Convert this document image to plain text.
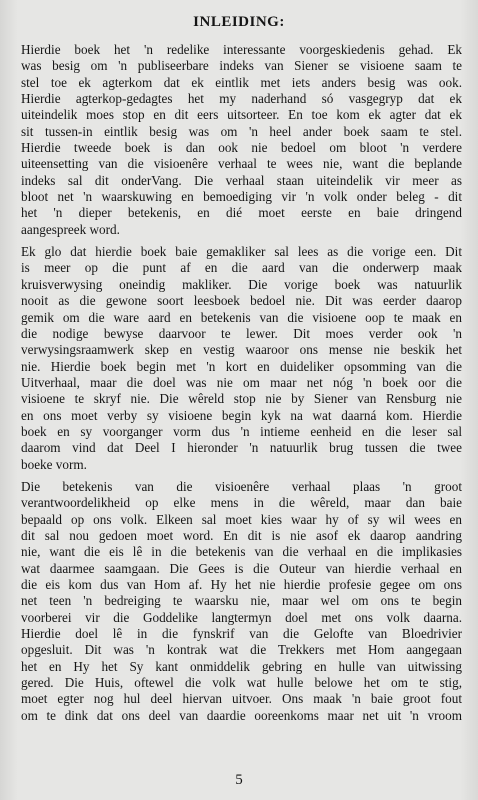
INLEIDING:
Hierdie boek het 'n redelike interessante voorgeskiedenis gehad. Ek
was besig om 'n publiseerbare indeks van Siener se visioene saam te
stel toe ek agterkom dat ek eintlik met iets anders besig was ook.
Hierdie agterkop-gedagtes het my naderhand só vasgegryp dat ek
uiteindelik moes stop en dit eers uitsorteer. En toe kom ek agter dat ek
sit tussen-in eintlik besig was om 'n heel ander boek saam te stel.
Hierdie tweede boek is dan ook nie bedoel om bloot 'n verdere
uiteensetting van die visioenêre verhaal te wees nie, want die beplande
indeks sal dit onderVang. Die verhaal staan uiteindelik vir meer as
bloot net 'n waarskuwing en bemoediging vir 'n volk onder beleg - dit
het 'n dieper betekenis, en dié moet eerste en baie dringend
aangespreek word.
Ek glo dat hierdie boek baie gemakliker sal lees as die vorige een. Dit
is meer op die punt af en die aard van die onderwerp maak
kruisverwysing oneindig makliker. Die vorige boek was natuurlik
nooit as die gewone soort leesboek bedoel nie. Dit was eerder daarop
gemik om die ware aard en betekenis van die visioene oop te maak en
die nodige bewyse daarvoor te lewer. Dit moes verder ook 'n
verwysingsraamwerk skep en vestig waaroor ons mense nie beskik het
nie. Hierdie boek begin met 'n kort en duideliker opsomming van die
Uitverhaal, maar die doel was nie om maar net nóg 'n boek oor die
visioene te skryf nie. Die wêreld stop nie by Siener van Rensburg nie
en ons moet verby sy visioene begin kyk na wat daarná kom. Hierdie
boek en sy voorganger vorm dus 'n intieme eenheid en die leser sal
daarom vind dat Deel I hieronder 'n natuurlik brug tussen die twee
boeke vorm.
Die betekenis van die visioenêre verhaal plaas 'n groot
verantwoordelikheid op elke mens in die wêreld, maar dan baie
bepaald op ons volk. Elkeen sal moet kies waar hy of sy wil wees en
dit sal nou gedoen moet word. En dit is nie asof ek daarop aandring
nie, want die eis lê in die betekenis van die verhaal en die implikasies
wat daarmee saamgaan. Die Gees is die Outeur van hierdie verhaal en
die eis kom dus van Hom af. Hy het nie hierdie profesie gegee om ons
net teen 'n bedreiging te waarsku nie, maar wel om ons te begin
voorberei vir die Goddelike langtermyn doel met ons volk daarna.
Hierdie doel lê in die fynskrif van die Gelofte van Bloedrivier
opgesluit. Dit was 'n kontrak wat die Trekkers met Hom aangegaan
het en Hy het Sy kant onmiddelik gebring en hulle van uitwissing
gered. Die Huis, oftewel die volk wat hulle belowe het om te stig,
moet egter nog hul deel hiervan uitvoer. Ons maak 'n baie groot fout
om te dink dat ons deel van daardie ooreenkoms maar net uit 'n vroom
5
